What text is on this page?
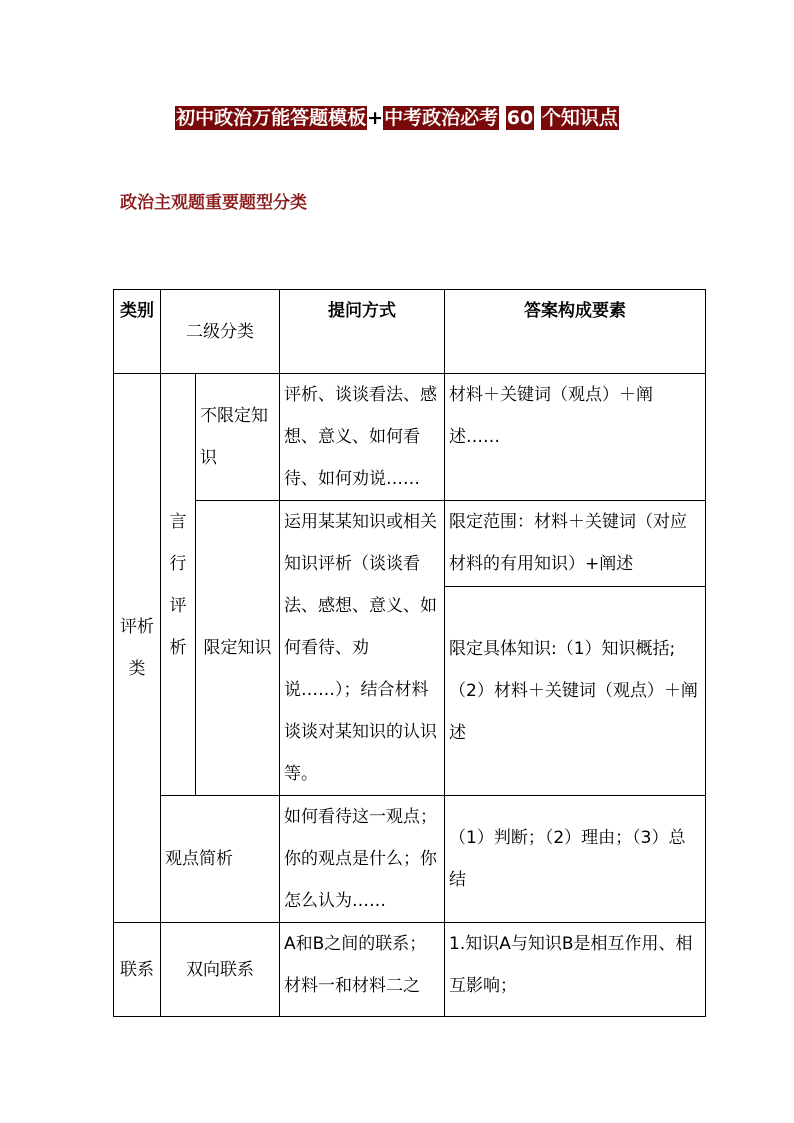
初中政治万能答题模板+中考政治必考 60 个知识点
政治主观题重要题型分类
类别	二级分类		提问方式	答案构成要素
评析类	言行评析	不限定知识	评析、谈谈看法、感想、意义、如何看待、如何劝说……	材料＋关键词（观点）＋阐述……
		限定知识	运用某某知识或相关知识评析（谈谈看法、感想、意义、如何看待、劝说……）；结合材料谈谈对某知识的认识等。	限定范围：材料＋关键词（对应材料的有用知识）+阐述
				限定具体知识:（1）知识概括;（2）材料＋关键词（观点）＋阐述
	观点简析		如何看待这一观点；你的观点是什么；你怎么认为……	（1）判断；（2）理由；（3）总结
联系	双向联系		A和B之间的联系；材料一和材料二之	1.知识A与知识B是相互作用、相互影响；
